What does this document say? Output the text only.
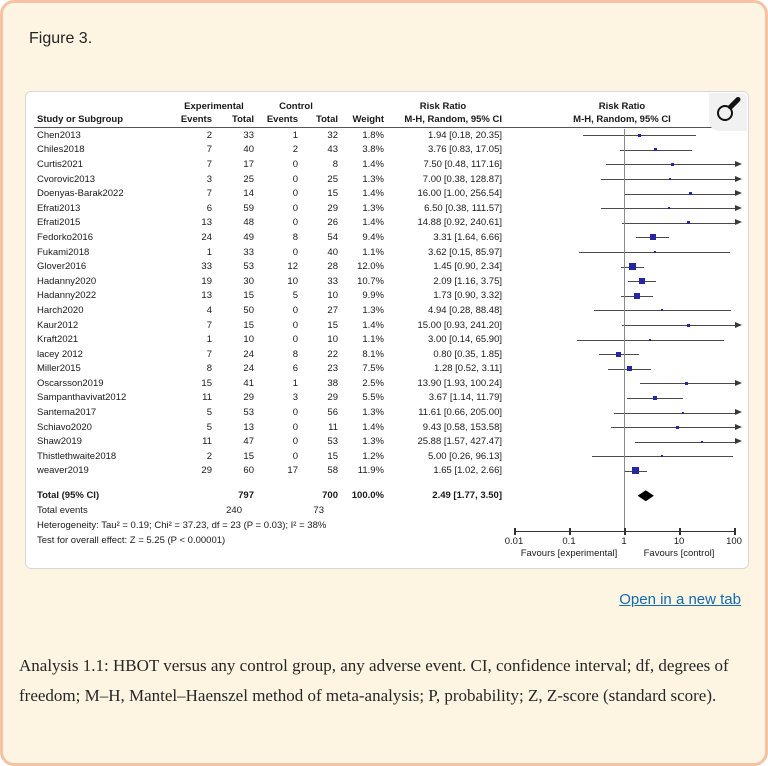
Figure 3.
Experimental	Control	Risk Ratio	Risk Ratio
Study or Subgroup	Events	Total	Events	Total	Weight	M-H, Random, 95% CI	M-H, Random, 95% CI
Chen2013	2	33	1	32	1.8%	1.94 [0.18, 20.35]
Chiles2018	7	40	2	43	3.8%	3.76 [0.83, 17.05]
Curtis2021	7	17	0	8	1.4%	7.50 [0.48, 117.16]
Cvorovic2013	3	25	0	25	1.3%	7.00 [0.38, 128.87]
Doenyas-Barak2022	7	14	0	15	1.4%	16.00 [1.00, 256.54]
Efrati2013	6	59	0	29	1.3%	6.50 [0.38, 111.57]
Efrati2015	13	48	0	26	1.4%	14.88 [0.92, 240.61]
Fedorko2016	24	49	8	54	9.4%	3.31 [1.64, 6.66]
Fukami2018	1	33	0	40	1.1%	3.62 [0.15, 85.97]
Glover2016	33	53	12	28	12.0%	1.45 [0.90, 2.34]
Hadanny2020	19	30	10	33	10.7%	2.09 [1.16, 3.75]
Hadanny2022	13	15	5	10	9.9%	1.73 [0.90, 3.32]
Harch2020	4	50	0	27	1.3%	4.94 [0.28, 88.48]
Kaur2012	7	15	0	15	1.4%	15.00 [0.93, 241.20]
Kraft2021	1	10	0	10	1.1%	3.00 [0.14, 65.90]
lacey 2012	7	24	8	22	8.1%	0.80 [0.35, 1.85]
Miller2015	8	24	6	23	7.5%	1.28 [0.52, 3.11]
Oscarsson2019	15	41	1	38	2.5%	13.90 [1.93, 100.24]
Sampanthavivat2012	11	29	3	29	5.5%	3.67 [1.14, 11.79]
Santema2017	5	53	0	56	1.3%	11.61 [0.66, 205.00]
Schiavo2020	5	13	0	11	1.4%	9.43 [0.58, 153.58]
Shaw2019	11	47	0	53	1.3%	25.88 [1.57, 427.47]
Thistlethwaite2018	2	15	0	15	1.2%	5.00 [0.26, 96.13]
weaver2019	29	60	17	58	11.9%	1.65 [1.02, 2.66]
Total (95% CI)	797	700	100.0%	2.49 [1.77, 3.50]
Total events	240	73
Heterogeneity: Tau² = 0.19; Chi² = 37.23, df = 23 (P = 0.03); I² = 38%
Test for overall effect: Z = 5.25 (P < 0.00001)	0.01	0.1	1	10	100
Favours [experimental]	Favours [control]
Open in a new tab

Analysis 1.1: HBOT versus any control group, any adverse event. CI, confidence interval; df, degrees of freedom; M–H, Mantel–Haenszel method of meta-analysis; P, probability; Z, Z-score (standard score).
